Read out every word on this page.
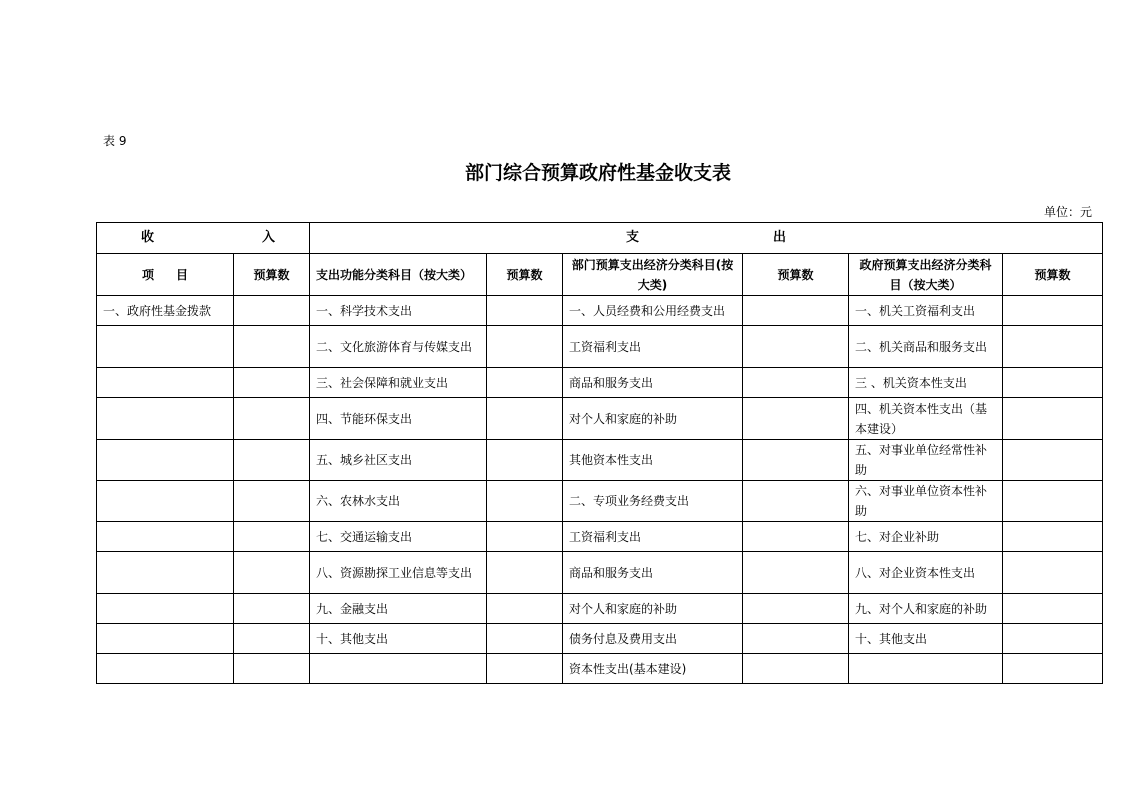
表 9
部门综合预算政府性基金收支表
单位：元
收 入		支 出					

项 目	预算数	支出功能分类科目（按大类）	预算数	部门预算支出经济分类科目(按大类)	预算数	政府预算支出经济分类科目（按大类）	预算数
一、政府性基金拨款		一、科学技术支出		一、人员经费和公用经费支出		一、机关工资福利支出	
		二、文化旅游体育与传媒支出		工资福利支出		二、机关商品和服务支出	
		三、社会保障和就业支出		商品和服务支出		三 、机关资本性支出	
		四、节能环保支出		对个人和家庭的补助		四、机关资本性支出（基本建设）	
		五、城乡社区支出		其他资本性支出		五、对事业单位经常性补助	
		六、农林水支出		二、专项业务经费支出		六、对事业单位资本性补助	
		七、交通运输支出		工资福利支出		七、对企业补助	
		八、资源勘探工业信息等支出		商品和服务支出		八、对企业资本性支出	
		九、金融支出		对个人和家庭的补助		九、对个人和家庭的补助	
		十、其他支出		债务付息及费用支出		十、其他支出	
				资本性支出(基本建设)			
